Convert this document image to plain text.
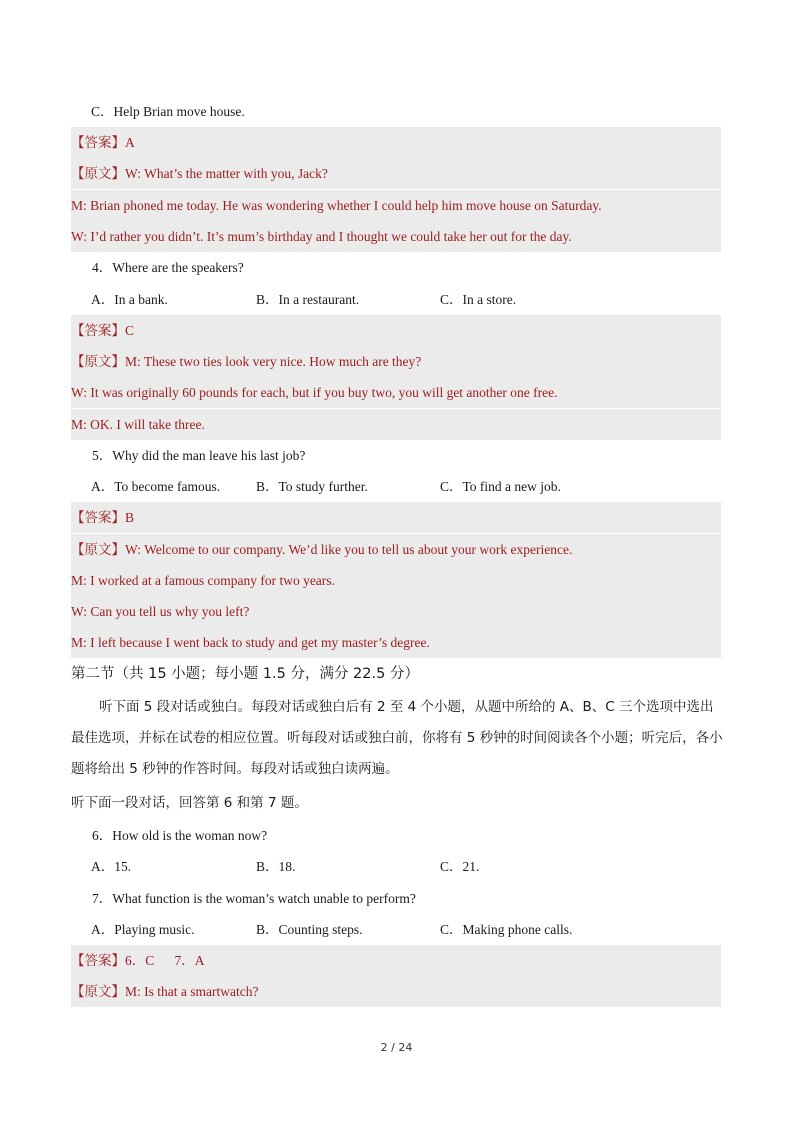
C．Help Brian move house.
【答案】A
【原文】W: What’s the matter with you, Jack?
M: Brian phoned me today. He was wondering whether I could help him move house on Saturday.
W: I’d rather you didn’t. It’s mum’s birthday and I thought we could take her out for the day.
4．Where are the speakers?
A．In a bank.	B．In a restaurant.	C．In a store.
【答案】C
【原文】M: These two ties look very nice. How much are they?
W: It was originally 60 pounds for each, but if you buy two, you will get another one free.
M: OK. I will take three.
5．Why did the man leave his last job?
A．To become famous.	B．To study further.	C．To find a new job.
【答案】B
【原文】W: Welcome to our company. We’d like you to tell us about your work experience.
M: I worked at a famous company for two years.
W: Can you tell us why you left?
M: I left because I went back to study and get my master’s degree.
第二节（共 15 小题；每小题 1.5 分，满分 22.5 分）
听下面 5 段对话或独白。每段对话或独白后有 2 至 4 个小题，从题中所给的 A、B、C 三个选项中选出最佳选项，并标在试卷的相应位置。听每段对话或独白前，你将有 5 秒钟的时间阅读各个小题；听完后，各小题将给出 5 秒钟的作答时间。每段对话或独白读两遍。
听下面一段对话，回答第 6 和第 7 题。
6．How old is the woman now?
A．15.	B．18.	C．21.
7．What function is the woman’s watch unable to perform?
A．Playing music.	B．Counting steps.	C．Making phone calls.
【答案】6．C      7．A
【原文】M: Is that a smartwatch?
2 / 24
